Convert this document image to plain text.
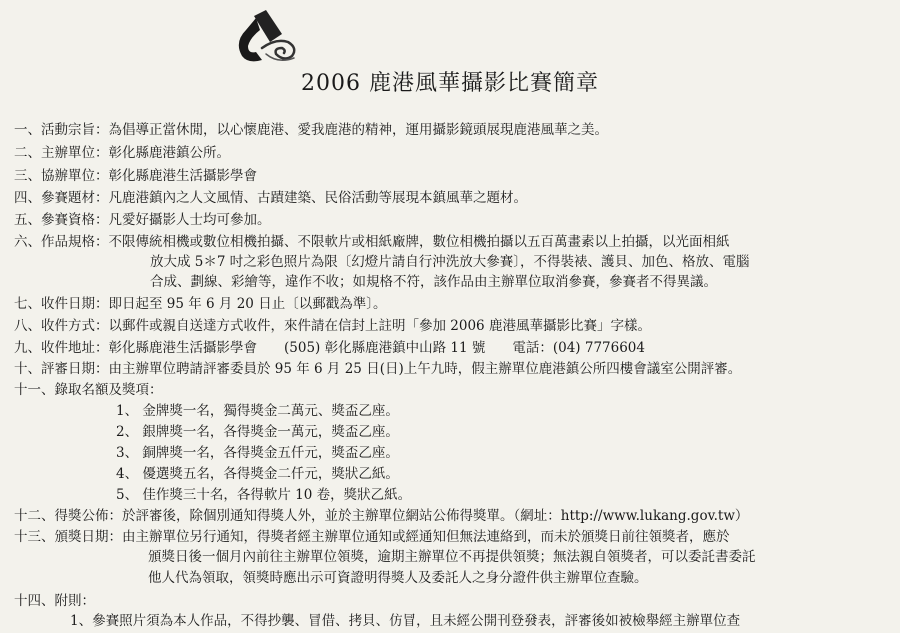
2006 鹿港風華攝影比賽簡章
一、活動宗旨：為倡導正當休閒，以心懷鹿港、愛我鹿港的精神，運用攝影鏡頭展現鹿港風華之美。
二、主辦單位：彰化縣鹿港鎮公所。
三、協辦單位：彰化縣鹿港生活攝影學會
四、參賽題材：凡鹿港鎮內之人文風情、古蹟建築、民俗活動等展現本鎮風華之題材。
五、參賽資格：凡愛好攝影人士均可參加。
六、作品規格：不限傳統相機或數位相機拍攝、不限軟片或相紙廠牌，數位相機拍攝以五百萬畫素以上拍攝，以光面相紙
放大成 5＊7 吋之彩色照片為限〔幻燈片請自行沖洗放大參賽〕，不得裝裱、護貝、加色、格放、電腦
合成、劃線、彩繪等，違作不收；如規格不符，該作品由主辦單位取消參賽，參賽者不得異議。
七、收件日期：即日起至 95 年 6 月 20 日止〔以郵戳為準〕。
八、收件方式：以郵件或親自送達方式收件，來件請在信封上註明「參加 2006 鹿港風華攝影比賽」字樣。
九、收件地址：彰化縣鹿港生活攝影學會　　(505) 彰化縣鹿港鎮中山路 11 號　　電話：(04) 7776604
十、評審日期：由主辦單位聘請評審委員於 95 年 6 月 25 日(日)上午九時，假主辦單位鹿港鎮公所四樓會議室公開評審。
十一、錄取名額及獎項：
1、 金牌獎一名，獨得獎金二萬元、獎盃乙座。
2、 銀牌獎一名，各得獎金一萬元，獎盃乙座。
3、 銅牌獎一名，各得獎金五仟元，獎盃乙座。
4、 優選獎五名，各得獎金二仟元，獎狀乙紙。
5、 佳作獎三十名，各得軟片 10 卷，獎狀乙紙。
十二、得獎公佈：於評審後，除個別通知得獎人外，並於主辦單位網站公佈得獎單。（網址：http://www.lukang.gov.tw）
十三、頒獎日期：由主辦單位另行通知，得獎者經主辦單位通知或經通知但無法連絡到，而未於頒獎日前往領獎者，應於
頒獎日後一個月內前往主辦單位領獎，逾期主辦單位不再提供領獎；無法親自領獎者，可以委託書委託
他人代為領取，領獎時應出示可資證明得獎人及委託人之身分證件供主辦單位查驗。
十四、附則：
1、參賽照片須為本人作品，不得抄襲、冒借、拷貝、仿冒，且未經公開刊登發表，評審後如被檢舉經主辦單位查
